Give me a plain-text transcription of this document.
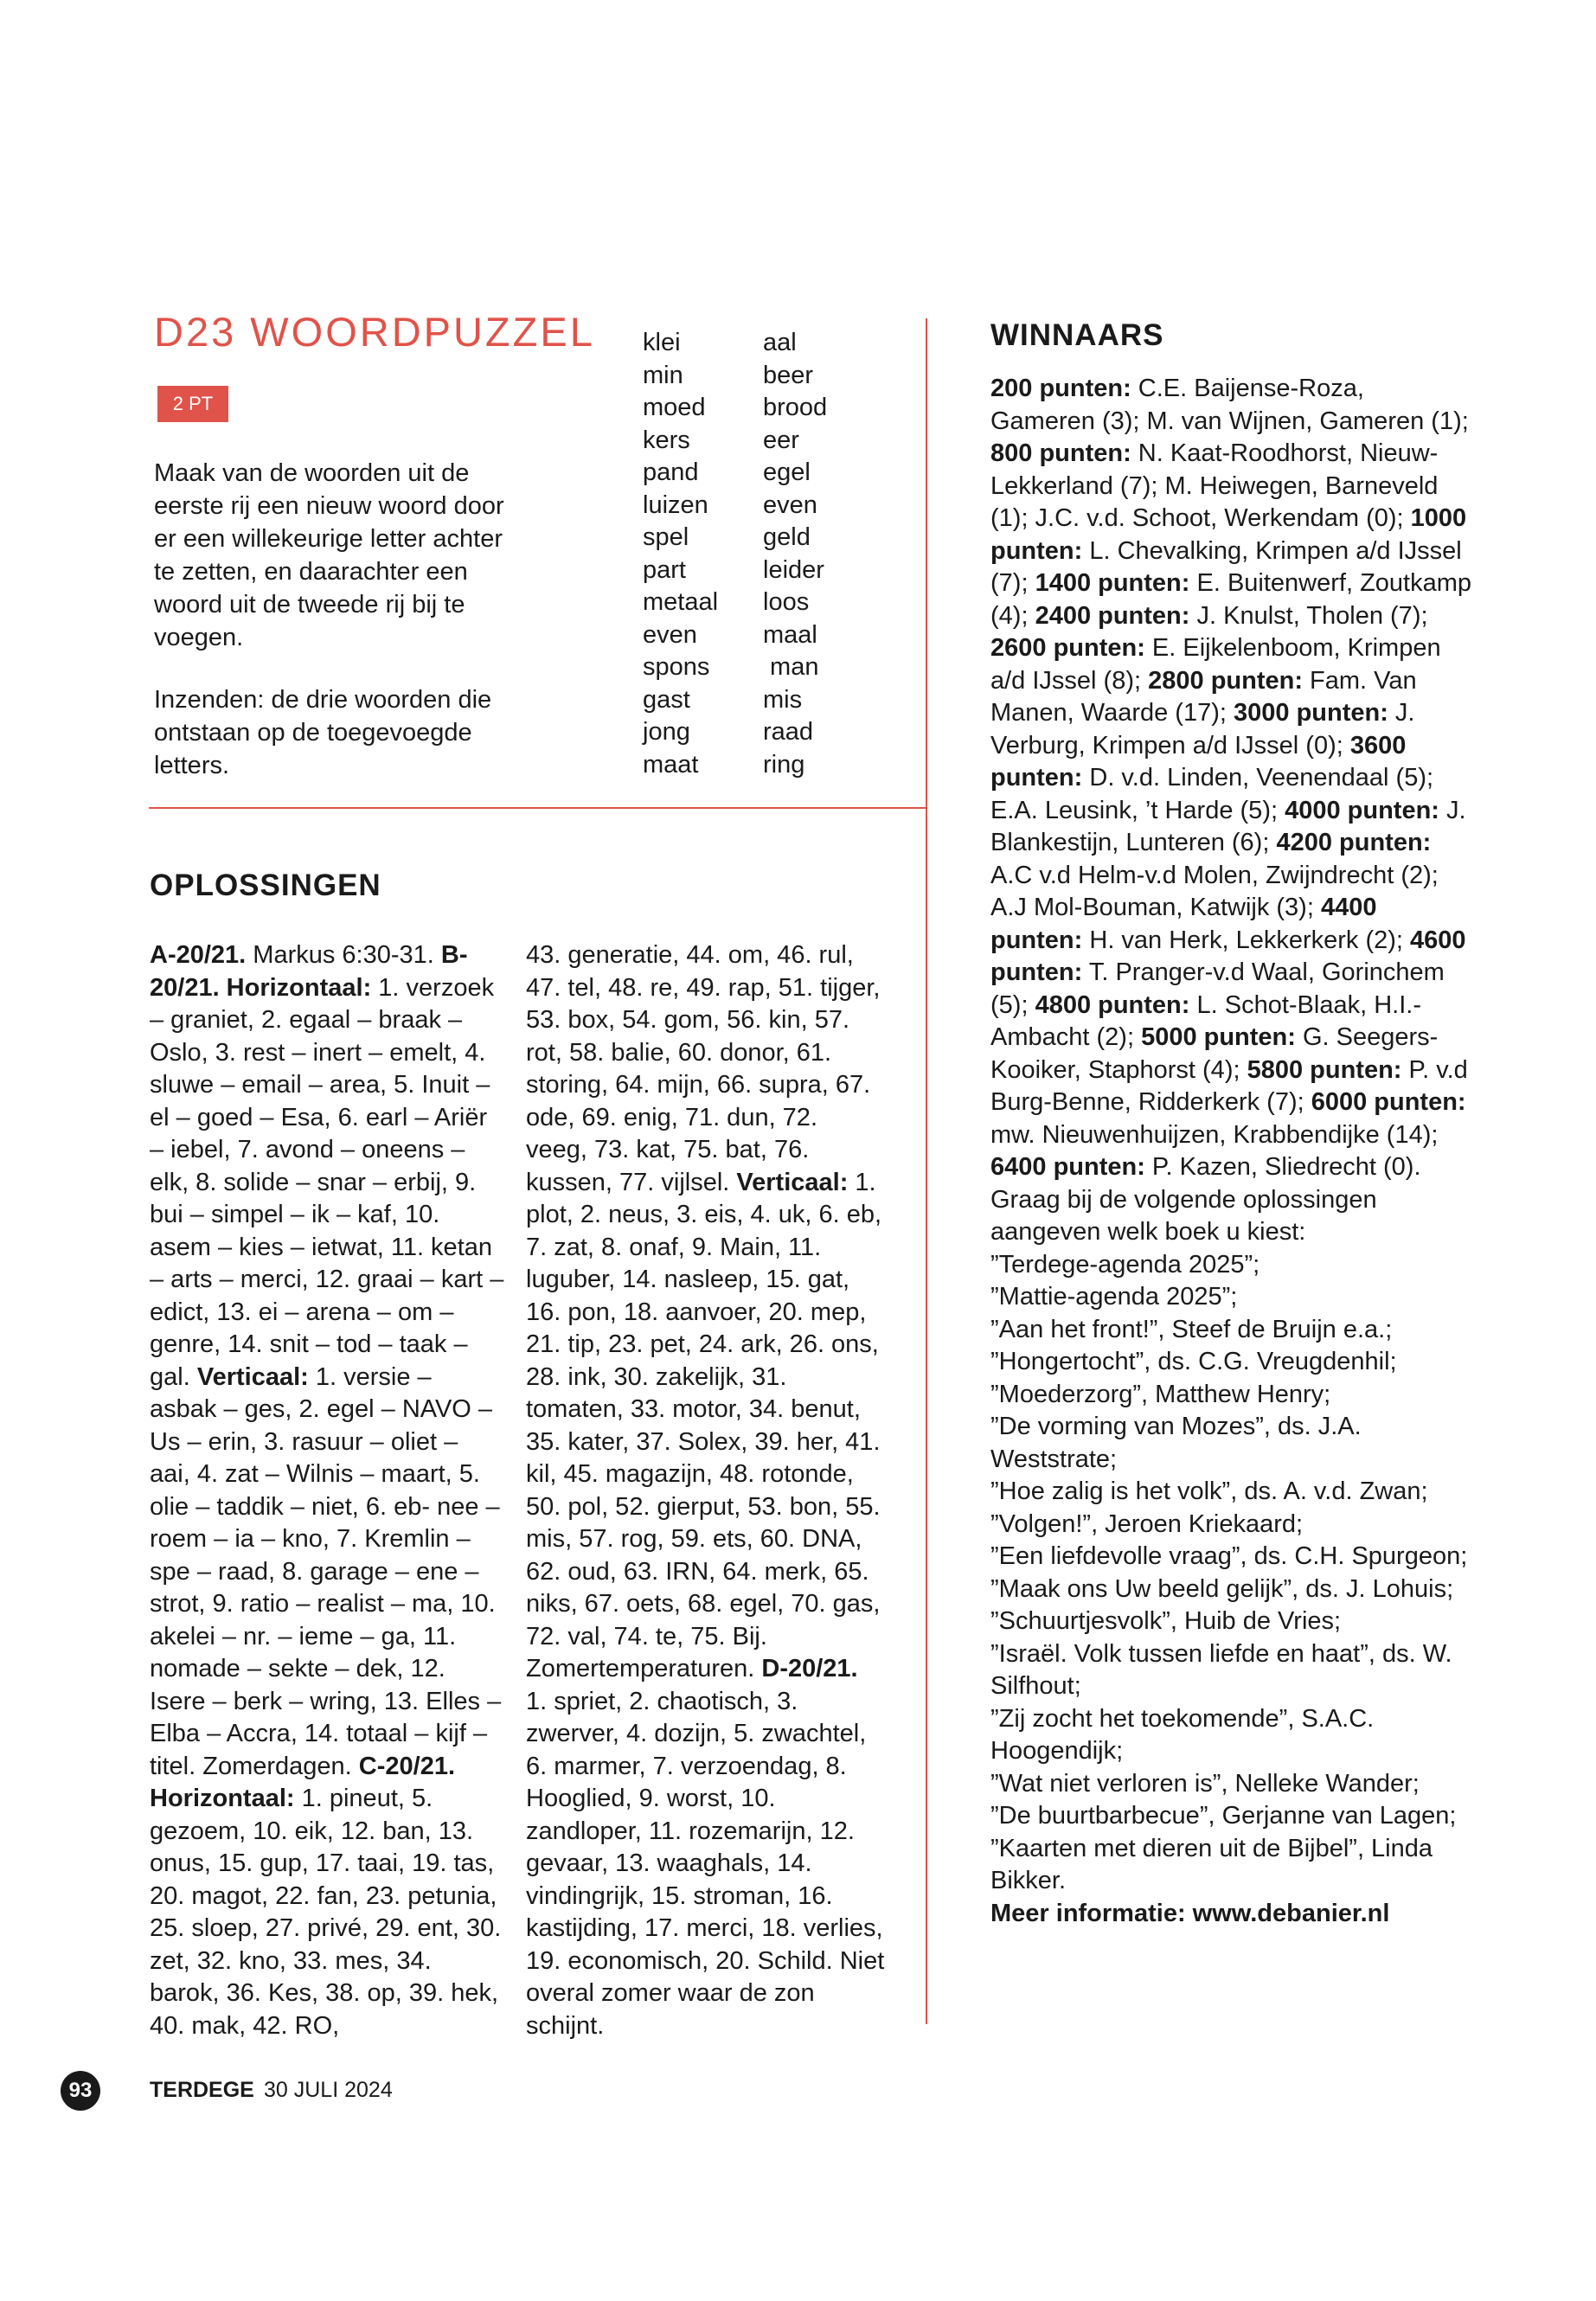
D23 WOORDPUZZEL
2 PT

Maak van de woorden uit de eerste rij een nieuw woord door er een willekeurige letter achter te zetten, en daarachter een woord uit de tweede rij bij te voegen.

Inzenden: de drie woorden die ontstaan op de toegevoegde letters.

klei
min
moed
kers
pand
luizen
spel
part
metaal
even
spons
gast
jong
maat
aal
beer
brood
eer
egel
even
geld
leider
loos
maal
man
mis
raad
ring
OPLOSSINGEN
A-20/21. Markus 6:30-31. B-20/21. Horizontaal: 1. verzoek – graniet, 2. egaal – braak – Oslo, 3. rest – inert – emelt, 4. sluwe – email – area, 5. Inuit – el – goed – Esa, 6. earl – Ariër – iebel, 7. avond – oneens – elk, 8. solide – snar – erbij, 9. bui – simpel – ik – kaf, 10. asem – kies – ietwat, 11. ketan – arts – merci, 12. graai – kart – edict, 13. ei – arena – om – genre, 14. snit – tod – taak – gal. Verticaal: 1. versie – asbak – ges, 2. egel – NAVO – Us – erin, 3. rasuur – oliet – aai, 4. zat – Wilnis – maart, 5. olie – taddik – niet, 6. eb- nee – roem – ia – kno, 7. Kremlin – spe – raad, 8. garage – ene – strot, 9. ratio – realist – ma, 10. akelei – nr. – ieme – ga, 11. nomade – sekte – dek, 12. Isere – berk – wring, 13. Elles – Elba – Accra, 14. totaal – kijf – titel. Zomerdagen. C-20/21. Horizontaal: 1. pineut, 5. gezoem, 10. eik, 12. ban, 13. onus, 15. gup, 17. taai, 19. tas, 20. magot, 22. fan, 23. petunia, 25. sloep, 27. privé, 29. ent, 30. zet, 32. kno, 33. mes, 34. barok, 36. Kes, 38. op, 39. hek, 40. mak, 42. RO,
43. generatie, 44. om, 46. rul, 47. tel, 48. re, 49. rap, 51. tijger, 53. box, 54. gom, 56. kin, 57. rot, 58. balie, 60. donor, 61. storing, 64. mijn, 66. supra, 67. ode, 69. enig, 71. dun, 72. veeg, 73. kat, 75. bat, 76. kussen, 77. vijlsel. Verticaal: 1. plot, 2. neus, 3. eis, 4. uk, 6. eb, 7. zat, 8. onaf, 9. Main, 11. luguber, 14. nasleep, 15. gat, 16. pon, 18. aanvoer, 20. mep, 21. tip, 23. pet, 24. ark, 26. ons, 28. ink, 30. zakelijk, 31. tomaten, 33. motor, 34. benut, 35. kater, 37. Solex, 39. her, 41. kil, 45. magazijn, 48. rotonde, 50. pol, 52. gierput, 53. bon, 55. mis, 57. rog, 59. ets, 60. DNA, 62. oud, 63. IRN, 64. merk, 65. niks, 67. oets, 68. egel, 70. gas, 72. val, 74. te, 75. Bij. Zomertemperaturen. D-20/21. 1. spriet, 2. chaotisch, 3. zwerver, 4. dozijn, 5. zwachtel, 6. marmer, 7. verzoendag, 8. Hooglied, 9. worst, 10. zandloper, 11. rozemarijn, 12. gevaar, 13. waaghals, 14. vindingrijk, 15. stroman, 16. kastijding, 17. merci, 18. verlies, 19. economisch, 20. Schild. Niet overal zomer waar de zon schijnt.
WINNAARS
200 punten: C.E. Baijense-Roza, Gameren (3); M. van Wijnen, Gameren (1); 800 punten: N. Kaat-Roodhorst, Nieuw-Lekkerland (7); M. Heiwegen, Barneveld (1); J.C. v.d. Schoot, Werkendam (0); 1000 punten: L. Chevalking, Krimpen a/d IJssel (7); 1400 punten: E. Buitenwerf, Zoutkamp (4); 2400 punten: J. Knulst, Tholen (7); 2600 punten: E. Eijkelenboom, Krimpen a/d IJssel (8); 2800 punten: Fam. Van Manen, Waarde (17); 3000 punten: J. Verburg, Krimpen a/d IJssel (0); 3600 punten: D. v.d. Linden, Veenendaal (5); E.A. Leusink, ’t Harde (5); 4000 punten: J. Blankestijn, Lunteren (6); 4200 punten: A.C v.d Helm-v.d Molen, Zwijndrecht (2); A.J Mol-Bouman, Katwijk (3); 4400 punten: H. van Herk, Lekkerkerk (2); 4600 punten: T. Pranger-v.d Waal, Gorinchem (5); 4800 punten: L. Schot-Blaak, H.I.-Ambacht (2); 5000 punten: G. Seegers-Kooiker, Staphorst (4); 5800 punten: P. v.d Burg-Benne, Ridderkerk (7); 6000 punten: mw. Nieuwenhuijzen, Krabbendijke (14); 6400 punten: P. Kazen, Sliedrecht (0).
Graag bij de volgende oplossingen aangeven welk boek u kiest:
”Terdege-agenda 2025”;
”Mattie-agenda 2025”;
”Aan het front!”, Steef de Bruijn e.a.;
”Hongertocht”, ds. C.G. Vreugdenhil;
”Moederzorg”, Matthew Henry;
”De vorming van Mozes”, ds. J.A. Weststrate;
”Hoe zalig is het volk”, ds. A. v.d. Zwan;
”Volgen!”, Jeroen Kriekaard;
”Een liefdevolle vraag”, ds. C.H. Spurgeon;
”Maak ons Uw beeld gelijk”, ds. J. Lohuis;
”Schuurtjesvolk”, Huib de Vries;
”Israël. Volk tussen liefde en haat”, ds. W. Silfhout;
”Zij zocht het toekomende”, S.A.C. Hoogendijk;
”Wat niet verloren is”, Nelleke Wander;
”De buurtbarbecue”, Gerjanne van Lagen;
”Kaarten met dieren uit de Bijbel”, Linda Bikker.
Meer informatie: www.debanier.nl
93	TERDEGE 30 JULI 2024
